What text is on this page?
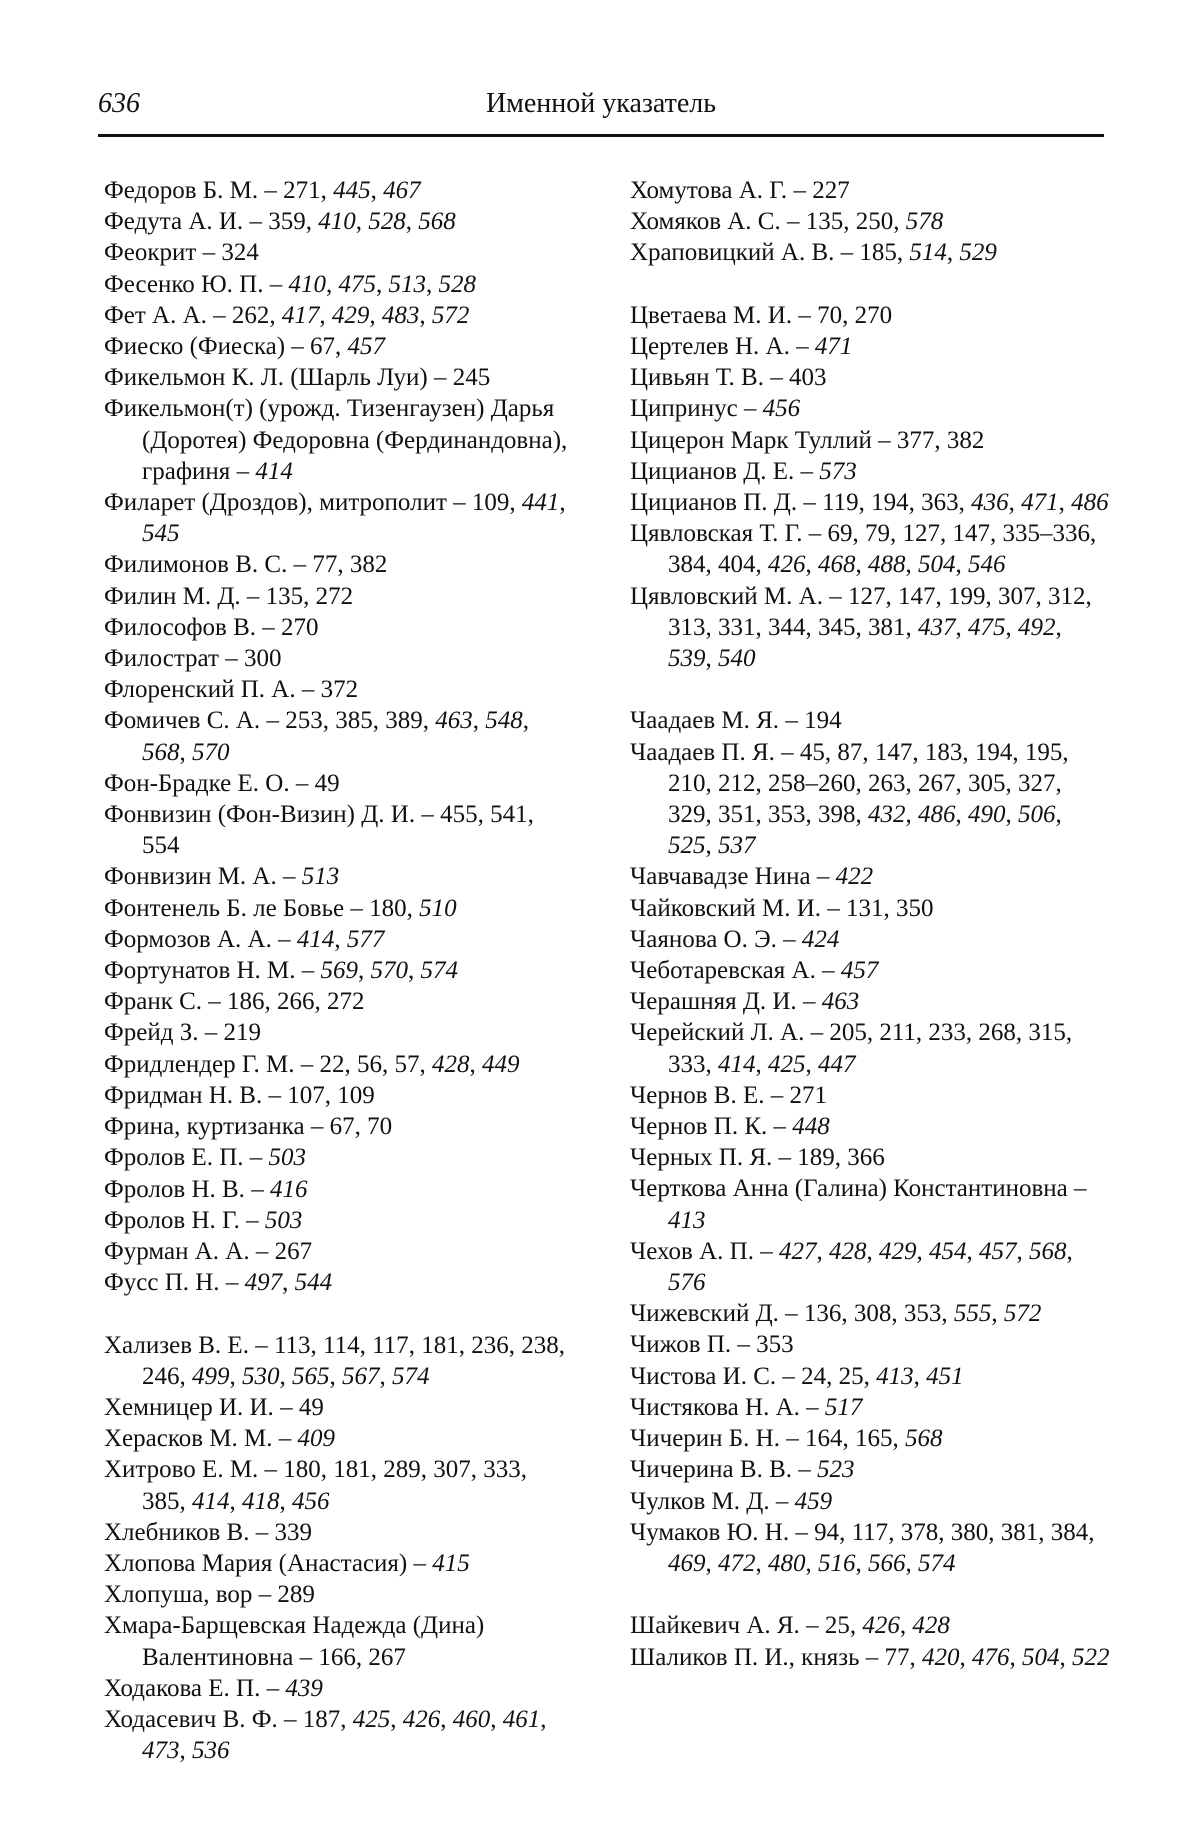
636	Именной указатель
Федоров Б. М. – 271, 445, 467
Федута А. И. – 359, 410, 528, 568
Феокрит – 324
Фесенко Ю. П. – 410, 475, 513, 528
Фет А. А. – 262, 417, 429, 483, 572
Фиеско (Фиеска) – 67, 457
Фикельмон К. Л. (Шарль Луи) – 245
Фикельмон(т) (урожд. Тизенгаузен) Дарья (Доротея) Федоровна (Фердинандовна), графиня – 414
Филарет (Дроздов), митрополит – 109, 441, 545
Филимонов В. С. – 77, 382
Филин М. Д. – 135, 272
Философов В. – 270
Филострат – 300
Флоренский П. А. – 372
Фомичев С. А. – 253, 385, 389, 463, 548, 568, 570
Фон-Брадке Е. О. – 49
Фонвизин (Фон-Визин) Д. И. – 455, 541, 554
Фонвизин М. А. – 513
Фонтенель Б. ле Бовье – 180, 510
Формозов А. А. – 414, 577
Фортунатов Н. М. – 569, 570, 574
Франк С. – 186, 266, 272
Фрейд З. – 219
Фридлендер Г. М. – 22, 56, 57, 428, 449
Фридман Н. В. – 107, 109
Фрина, куртизанка – 67, 70
Фролов Е. П. – 503
Фролов Н. В. – 416
Фролов Н. Г. – 503
Фурман А. А. – 267
Фусс П. Н. – 497, 544
Хализев В. Е. – 113, 114, 117, 181, 236, 238, 246, 499, 530, 565, 567, 574
Хемницер И. И. – 49
Херасков М. М. – 409
Хитрово Е. М. – 180, 181, 289, 307, 333, 385, 414, 418, 456
Хлебников В. – 339
Хлопова Мария (Анастасия) – 415
Хлопуша, вор – 289
Хмара-Барщевская Надежда (Дина) Валентиновна – 166, 267
Ходакова Е. П. – 439
Ходасевич В. Ф. – 187, 425, 426, 460, 461, 473, 536
Хомутова А. Г. – 227
Хомяков А. С. – 135, 250, 578
Храповицкий А. В. – 185, 514, 529
Цветаева М. И. – 70, 270
Цертелев Н. А. – 471
Цивьян Т. В. – 403
Ципринус – 456
Цицерон Марк Туллий – 377, 382
Цицианов Д. Е. – 573
Цицианов П. Д. – 119, 194, 363, 436, 471, 486
Цявловская Т. Г. – 69, 79, 127, 147, 335–336, 384, 404, 426, 468, 488, 504, 546
Цявловский М. А. – 127, 147, 199, 307, 312, 313, 331, 344, 345, 381, 437, 475, 492, 539, 540
Чаадаев М. Я. – 194
Чаадаев П. Я. – 45, 87, 147, 183, 194, 195, 210, 212, 258–260, 263, 267, 305, 327, 329, 351, 353, 398, 432, 486, 490, 506, 525, 537
Чавчавадзе Нина – 422
Чайковский М. И. – 131, 350
Чаянова О. Э. – 424
Чеботаревская А. – 457
Черашняя Д. И. – 463
Черейский Л. А. – 205, 211, 233, 268, 315, 333, 414, 425, 447
Чернов В. Е. – 271
Чернов П. К. – 448
Черных П. Я. – 189, 366
Черткова Анна (Галина) Константиновна – 413
Чехов А. П. – 427, 428, 429, 454, 457, 568, 576
Чижевский Д. – 136, 308, 353, 555, 572
Чижов П. – 353
Чистова И. С. – 24, 25, 413, 451
Чистякова Н. А. – 517
Чичерин Б. Н. – 164, 165, 568
Чичерина В. В. – 523
Чулков М. Д. – 459
Чумаков Ю. Н. – 94, 117, 378, 380, 381, 384, 469, 472, 480, 516, 566, 574
Шайкевич А. Я. – 25, 426, 428
Шаликов П. И., князь – 77, 420, 476, 504, 522
